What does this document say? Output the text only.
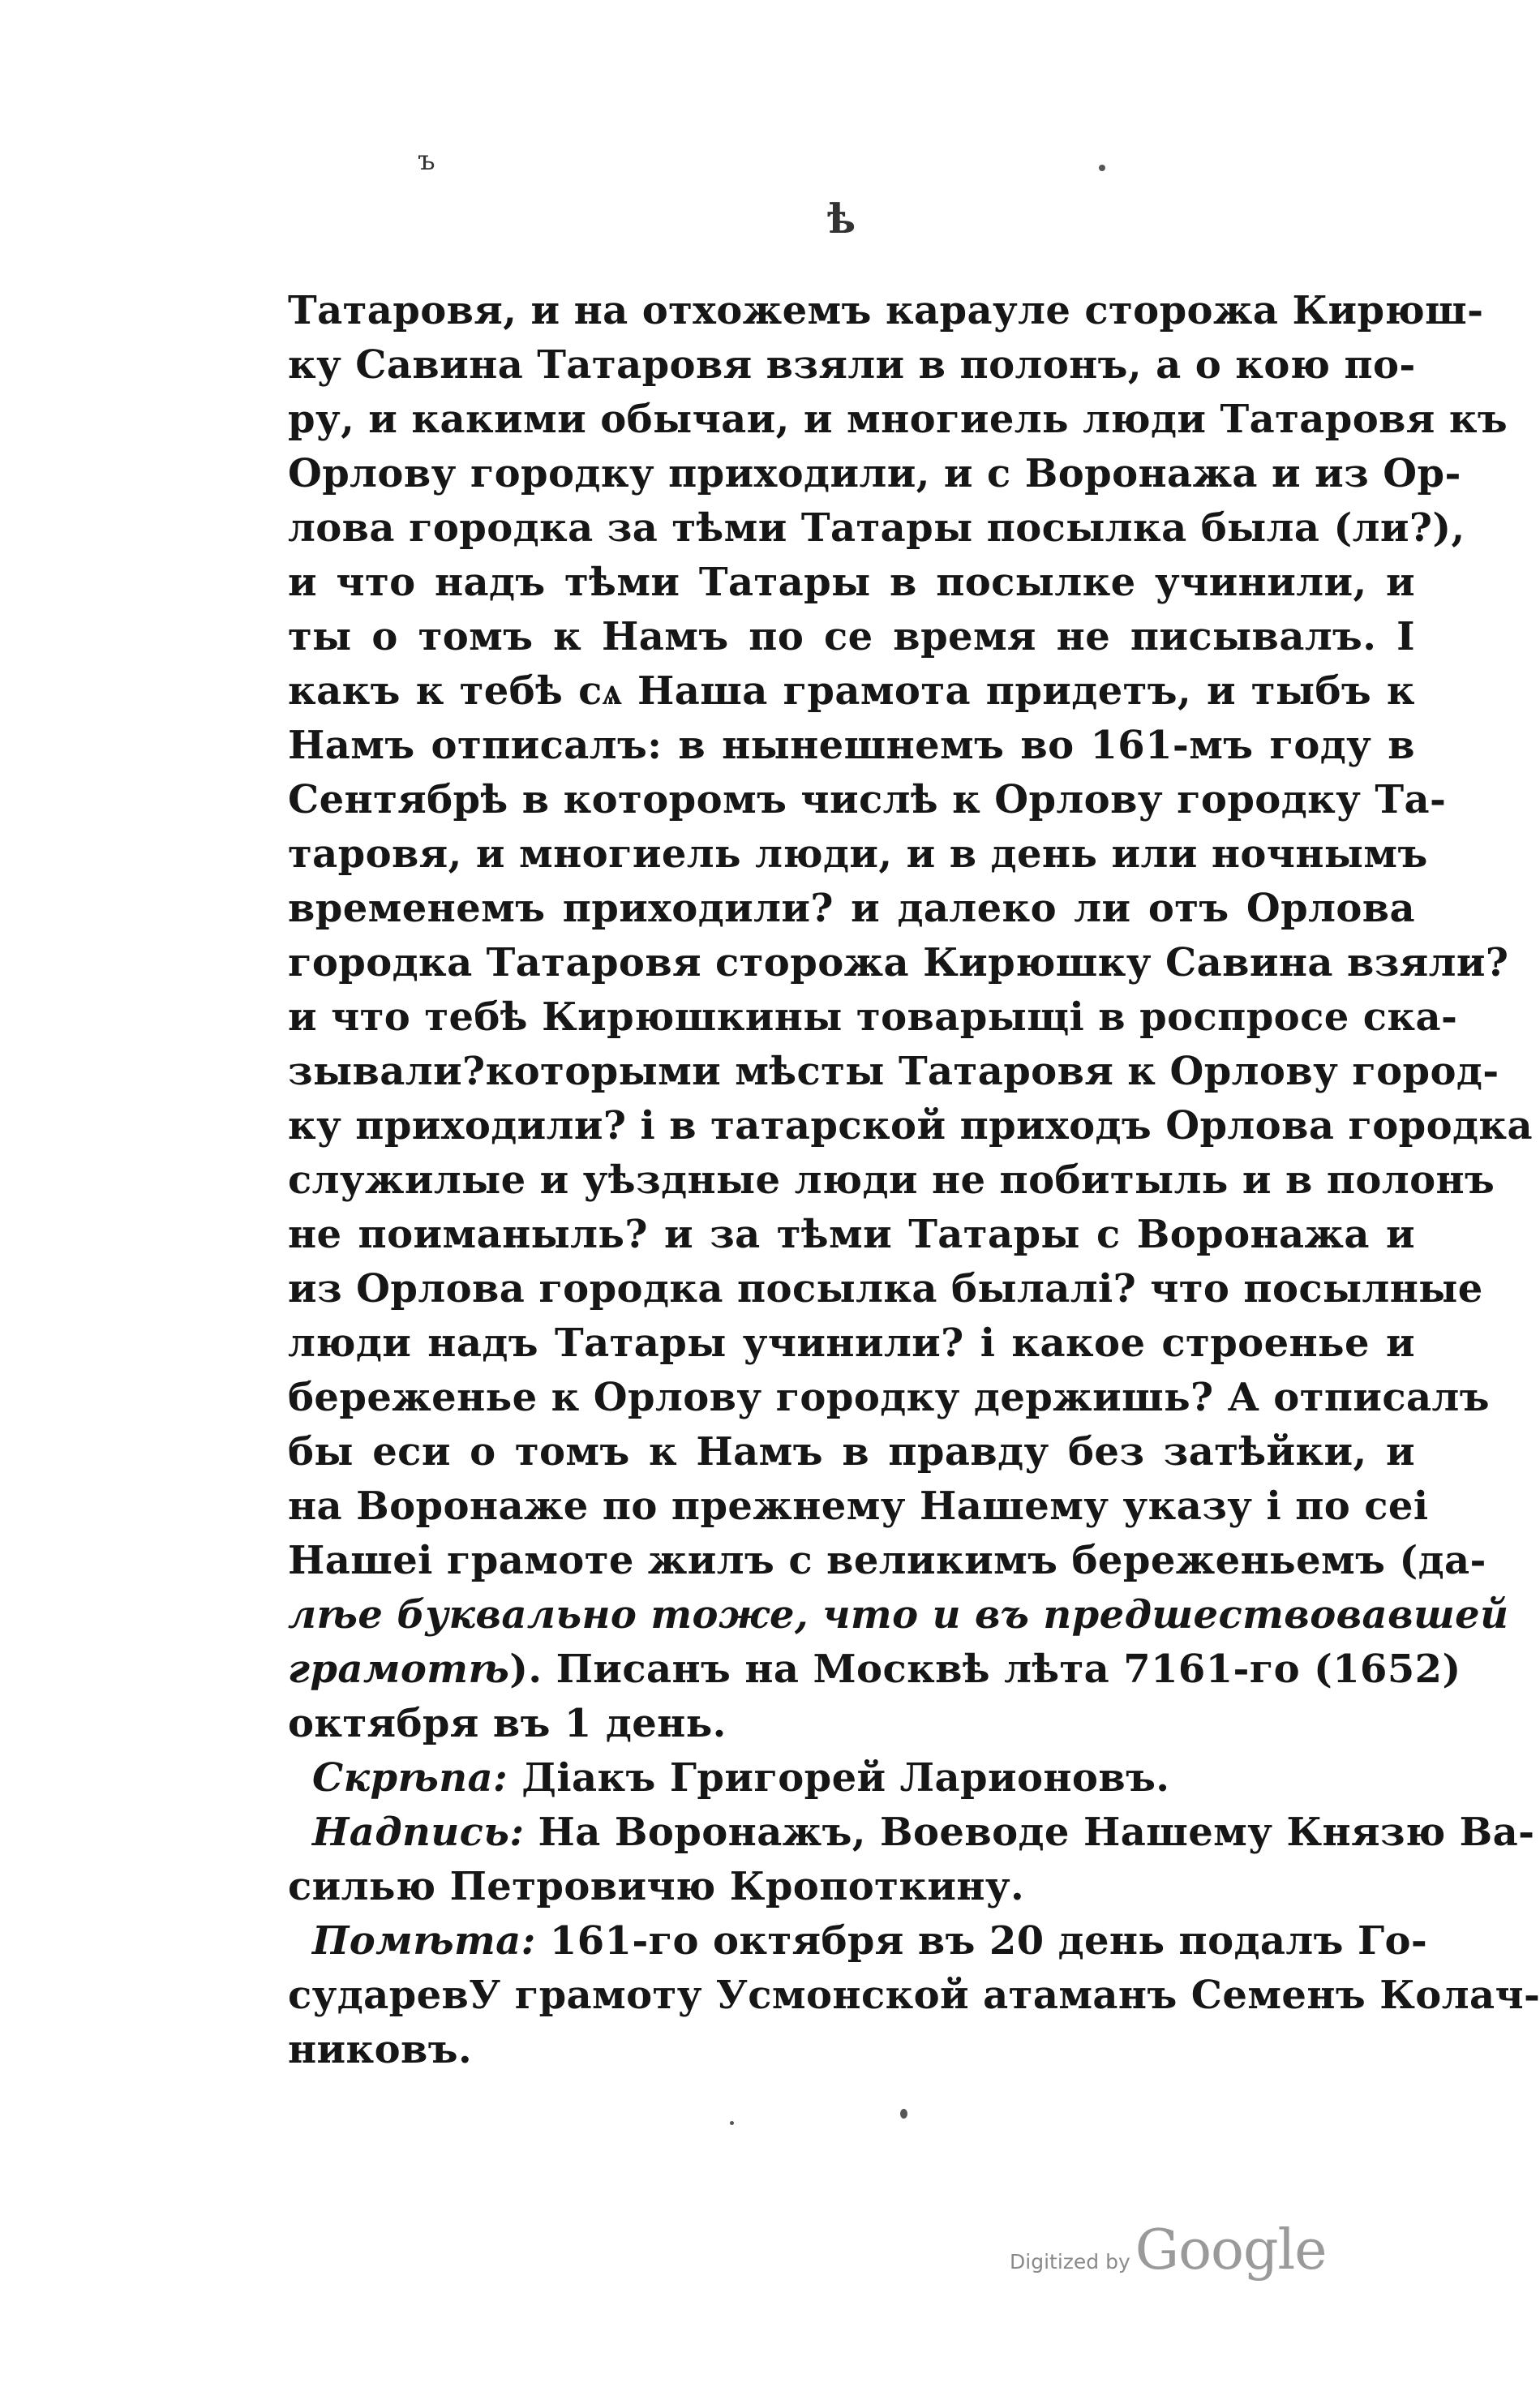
ъ
ѣ
Татаровя, и на отхожемъ карауле сторожа Кирюш-
ку Савина Татаровя взяли в полонъ, а о кою по-
ру, и какими обычаи, и многиель люди Татаровя къ
Орлову городку приходили, и с Воронажа и из Ор-
лова городка за тѣми Татары посылка была (ли?),
и что надъ тѣми Татары в посылке учинили, и
ты о томъ к Намъ по се время не писывалъ. І
какъ к тебѣ сѧ Наша грамота придетъ, и тыбъ к
Намъ отписалъ: в нынешнемъ во 161-мъ году в
Сентябрѣ в которомъ числѣ к Орлову городку Та-
таровя, и многиель люди, и в день или ночнымъ
временемъ приходили? и далеко ли отъ Орлова
городка Татаровя сторожа Кирюшку Савина взяли?
и что тебѣ Кирюшкины товарыщі в роспросе ска-
зывали?которыми мѣсты Татаровя к Орлову город-
ку приходили? і в татарской приходъ Орлова городка
служилые и уѣздные люди не побитыль и в полонъ
не поиманыль? и за тѣми Татары с Воронажа и
из Орлова городка посылка былалі? что посылные
люди надъ Татары учинили? і какое строенье и
береженье к Орлову городку держишь? А отписалъ
бы еси о томъ к Намъ в правду без затѣйки, и
на Воронаже по прежнему Нашему указу і по сеі
Нашеі грамоте жилъ с великимъ береженьемъ (да-
лѣе буквально тоже, что и въ предшествовавшей
грамотѣ). Писанъ на Москвѣ лѣта 7161-го (1652)
октября въ 1 день.
Скрѣпа: Діакъ Григорей Ларионовъ.
Надпись: На Воронажъ, Воеводе Нашему Князю Ва-
силью Петровичю Кропоткину.
Помѣта: 161-го октября въ 20 день подалъ Го-
сударевУ грамоту Усмонской атаманъ Семенъ Колач-
никовъ.
Digitized by Google
